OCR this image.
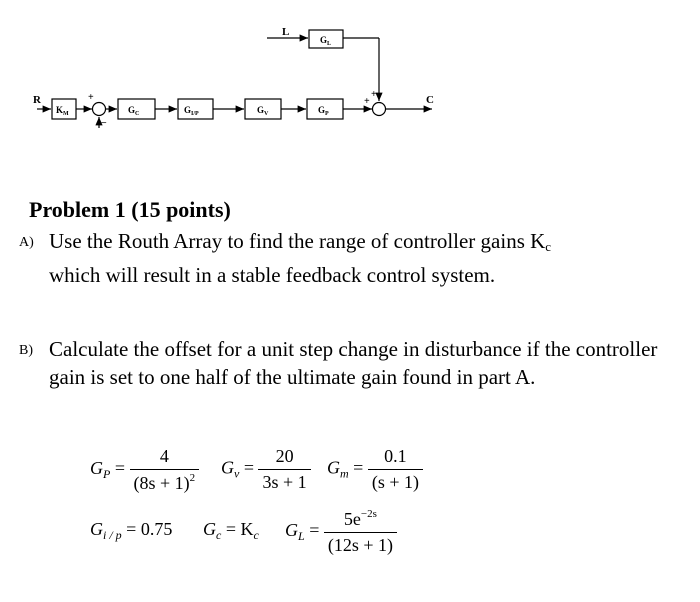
R	C
L
$K_M$	$G_C$	$G_{I/P}$	$G_V$	$G_P$
$G_L$
+
−
+
+

Problem 1 (15 points)

A) Use the Routh Array to find the range of controller gains Kc
which will result in a stable feedback control system.
B) Calculate the offset for a unit step change in disturbance if the controller gain is set to one half of the ultimate gain found in part A.
$G_P = \frac{4}{(8s + 1)^2} G_v = \frac{20}{3s + 1} G_m = \frac{0.1}{(s + 1)}$
$G_{i / p} = 0.75$ $G_c = K_c$ $G_L = \frac{5e^{-2s}}{(12s + 1)}$
